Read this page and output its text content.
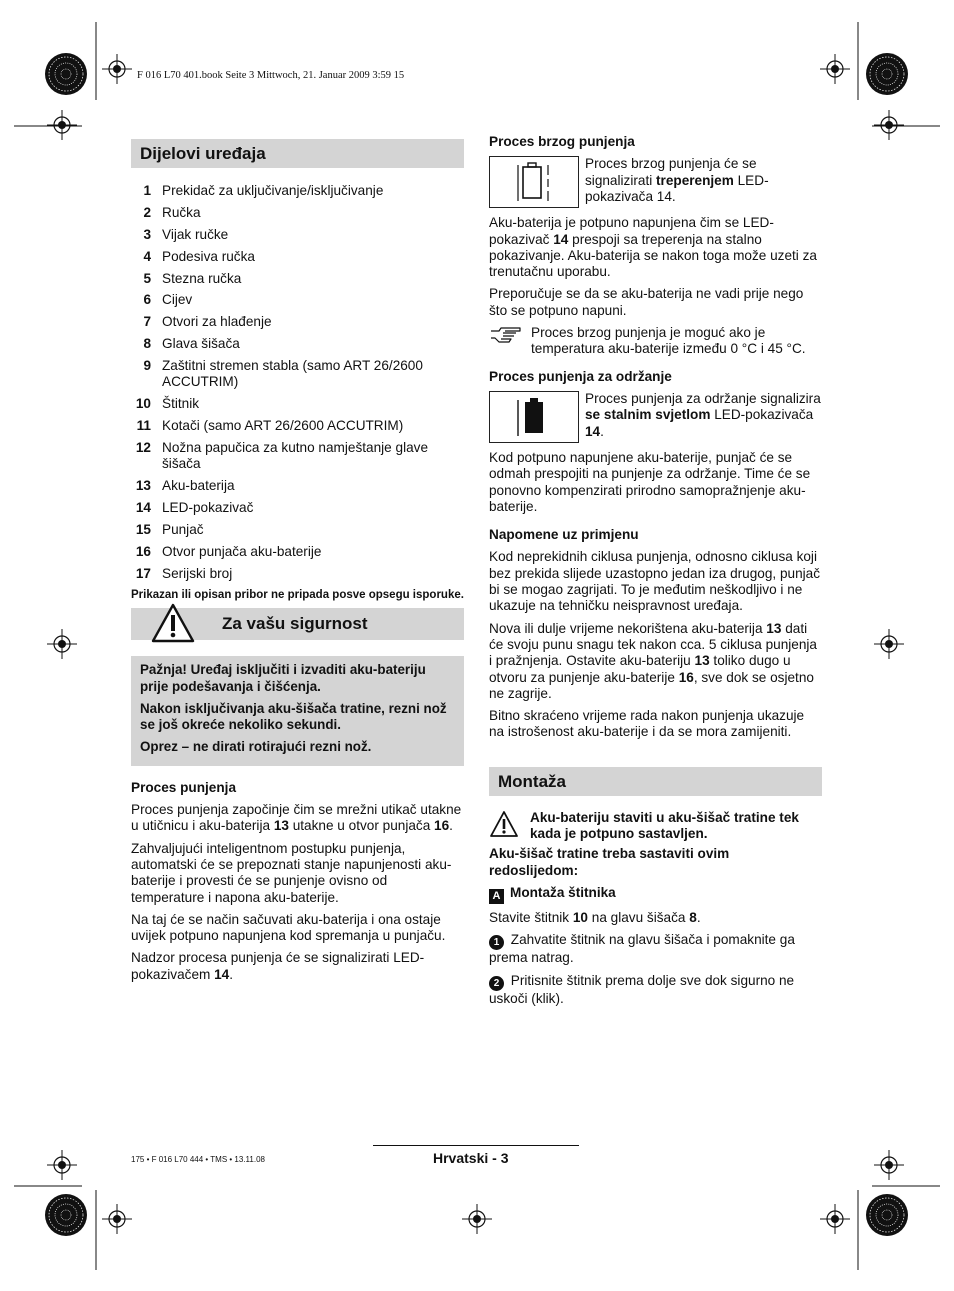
F 016 L70 401.book Seite 3 Mittwoch, 21. Januar 2009 3:59 15
Dijelovi uređaja
1 Prekidač za uključivanje/isključivanje
2 Ručka
3 Vijak ručke
4 Podesiva ručka
5 Stezna ručka
6 Cijev
7 Otvori za hlađenje
8 Glava šišača
9 Zaštitni stremen stabla (samo ART 26/2600 ACCUTRIM)
10 Štitnik
11 Kotači (samo ART 26/2600 ACCUTRIM)
12 Nožna papučica za kutno namještanje glave šišača
13 Aku-baterija
14 LED-pokazivač
15 Punjač
16 Otvor punjača aku-baterije
17 Serijski broj

Prikazan ili opisan pribor ne pripada posve opsegu isporuke.

Za vašu sigurnost

Pažnja! Uređaj isključiti i izvaditi aku-bateriju prije podešavanja i čišćenja.

Nakon isključivanja aku-šišača tratine, rezni nož se još okreće nekoliko sekundi.

Oprez – ne dirati rotirajući rezni nož.

Proces punjenja

Proces punjenja započinje čim se mrežni utikač utakne u utičnicu i aku-baterija 13 utakne u otvor punjača 16.

Zahvaljujući inteligentnom postupku punjenja, automatski će se prepoznati stanje napunjenosti aku-baterije i provesti će se punjenje ovisno od temperature i napona aku-baterije.

Na taj će se način sačuvati aku-baterija i ona ostaje uvijek potpuno napunjena kod spremanja u punjaču.

Nadzor procesa punjenja će se signalizirati LED-pokazivačem 14.

Proces brzog punjenja
Proces brzog punjenja će se signalizirati treperenjem LED-pokazivača 14.

Aku-baterija je potpuno napunjena čim se LED-pokazivač 14 prespoji sa treperenja na stalno pokazivanje. Aku-baterija se nakon toga može uzeti za trenutačnu uporabu.

Preporučuje se da se aku-baterija ne vadi prije nego što se potpuno napuni.

Proces brzog punjenja je moguć ako je temperatura aku-baterije između 0 °C i 45 °C.
Proces punjenja za održanje
Proces punjenja za održanje signalizira se stalnim svjetlom LED-pokazivača 14.

Kod potpuno napunjene aku-baterije, punjač će se odmah prespojiti na punjenje za održanje. Time će se ponovno kompenzirati prirodno samopražnjenje aku-baterije.

Napomene uz primjenu

Kod neprekidnih ciklusa punjenja, odnosno ciklusa koji bez prekida slijede uzastopno jedan iza drugog, punjač bi se mogao zagrijati. To je međutim neškodljivo i ne ukazuje na tehničku neispravnost uređaja.

Nova ili dulje vrijeme nekorištena aku-baterija 13 dati će svoju punu snagu tek nakon cca. 5 ciklusa punjenja i pražnjenja. Ostavite aku-bateriju 13 toliko dugo u otvoru za punjenje aku-baterije 16, sve dok se osjetno ne zagrije.

Bitno skraćeno vrijeme rada nakon punjenja ukazuje na istrošenost aku-baterije i da se mora zamijeniti.

Montaža
Aku-bateriju staviti u aku-šišač tratine tek kada je potpuno sastavljen.

Aku-šišač tratine treba sastaviti ovim redoslijedom:

A Montaža štitnika

Stavite štitnik 10 na glavu šišača 8.

1 Zahvatite štitnik na glavu šišača i pomaknite ga prema natrag.

2 Pritisnite štitnik prema dolje sve dok sigurno ne uskoči (klik).

175 • F 016 L70 444 • TMS • 13.11.08	Hrvatski - 3
